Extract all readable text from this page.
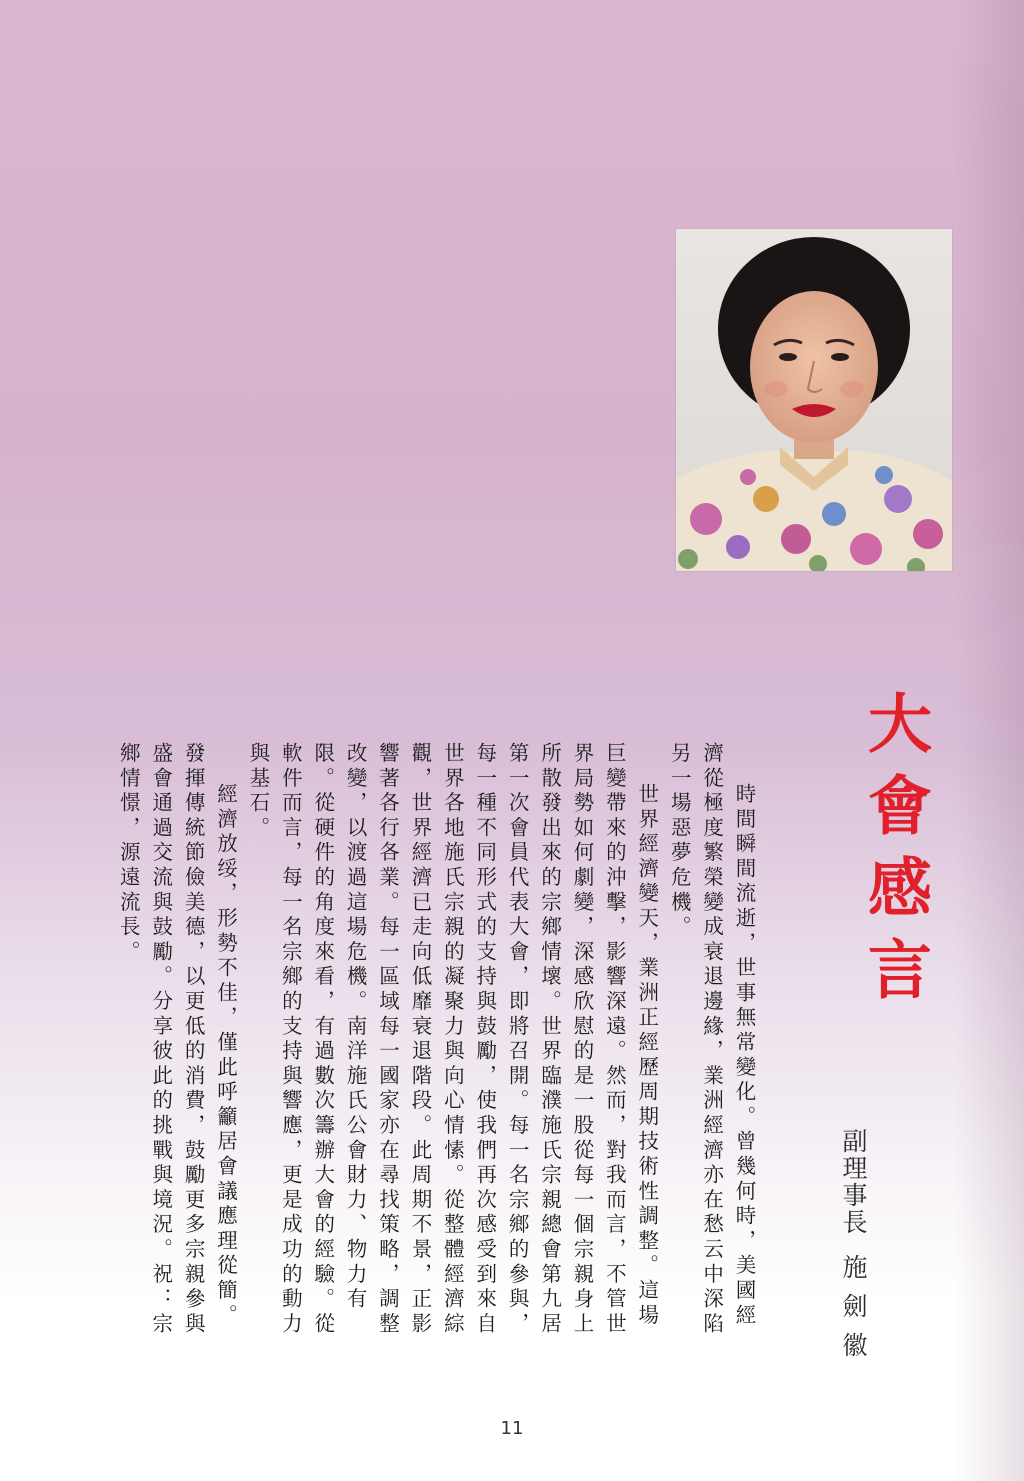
大會感言
副理事長施劍徽

時間瞬間流逝，世事無常變化。曾幾何時，美國經濟從極度繁榮變成衰退邊緣，業洲經濟亦在愁云中深陷另一場惡夢危機。

世界經濟變天，業洲正經歷周期技術性調整。這場巨變帶來的沖擊，影響深遠。然而，對我而言，不管世界局勢如何劇變，深感欣慰的是一股從每一個宗親身上所散發出來的宗鄉情壞。世界臨濮施氏宗親總會第九居第一次會員代表大會，即將召開。每一名宗鄉的參與，每一種不同形式的支持與鼓勵，使我們再次感受到來自世界各地施氏宗親的凝聚力與向心情愫。從整體經濟綜觀，世界經濟已走向低靡衰退階段。此周期不景，正影響著各行各業。每一區域每一國家亦在尋找策略，調整改變，以渡過這場危機。南洋施氏公會財力、物力有限。從硬件的角度來看，有過數次籌辦大會的經驗。從軟件而言，每一名宗鄉的支持與響應，更是成功的動力與基石。

經濟放绥，形勢不佳，僅此呼籲居會議應理從簡。發揮傳統節儉美德，以更低的消費，鼓勵更多宗親參與盛會通過交流與鼓勵。分享彼此的挑戰與境況。祝：宗鄉情憬，源遠流長。

11
